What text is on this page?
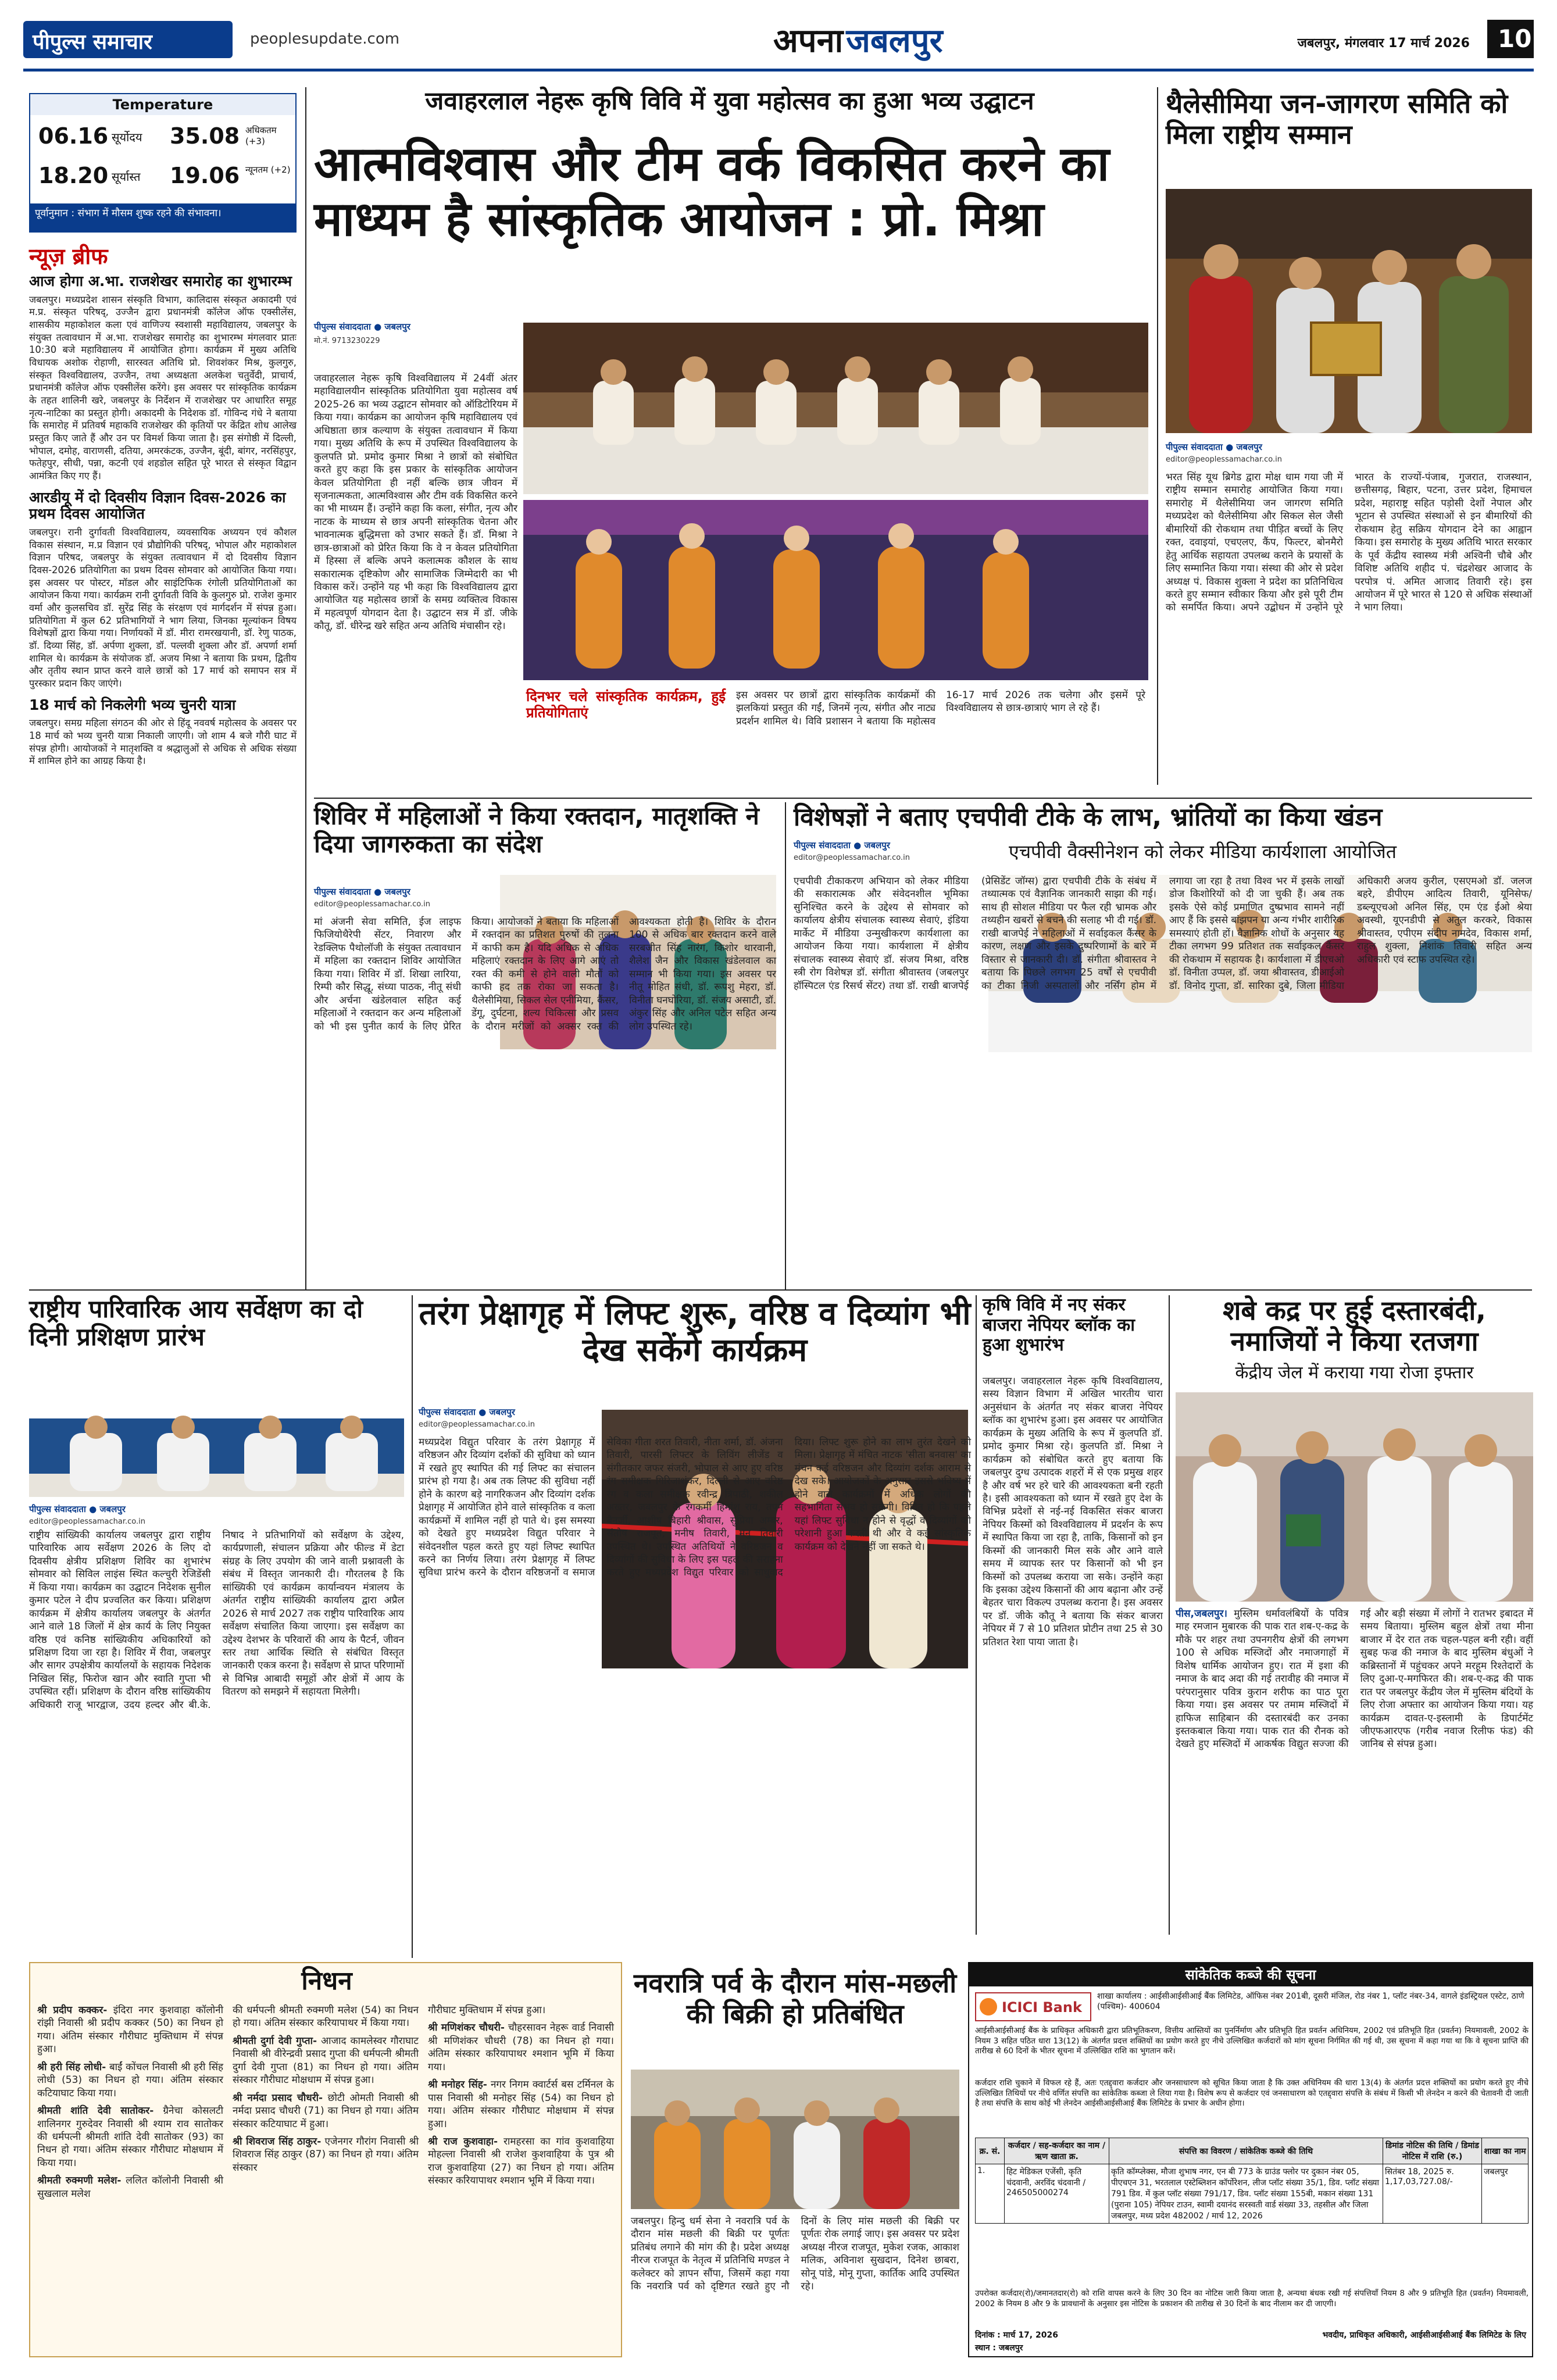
पीपुल्स समाचार	peoplesupdate.com	अपना जबलपुर	जबलपुर, मंगलवार 17 मार्च 2026 10
Temperature
06.16 सूर्योदय
18.20 सूर्यास्त
35.08 अधिकतम (+3)
19.06 न्यूनतम (+2)
पूर्वानुमान : संभाग में मौसम शुष्क रहने की संभावना।
न्यूज़ ब्रीफ
आज होगा अ.भा. राजशेखर समारोह का शुभारम्भ
जबलपुर। मध्यप्रदेश शासन संस्कृति विभाग, कालिदास संस्कृत अकादमी एवं म.प्र. संस्कृत परिषद्, उज्जैन द्वारा प्रधानमंत्री कॉलेज ऑफ एक्सीलेंस, शासकीय महाकोशल कला एवं वाणिज्य स्वशासी महाविद्यालय, जबलपुर के संयुक्त तत्वावधान में अ.भा. राजशेखर समारोह का शुभारम्भ मंगलवार प्रातः 10:30 बजे महाविद्यालय में आयोजित होगा। कार्यक्रम में मुख्य अतिथि विधायक अशोक रोहाणी, सारस्वत अतिथि प्रो. शिवशंकर मिश्र, कुलगुरु, संस्कृत विश्वविद्यालय, उज्जैन, तथा अध्यक्षता अलकेश चतुर्वेदी, प्राचार्य, प्रधानमंत्री कॉलेज ऑफ एक्सीलेंस करेंगे। इस अवसर पर सांस्कृतिक कार्यक्रम के तहत शालिनी खरे, जबलपुर के निर्देशन में राजशेखर पर आधारित समूह नृत्य-नाटिका का प्रस्तुत होगी। अकादमी के निदेशक डॉ. गोविन्द गंधे ने बताया कि समारोह में प्रतिवर्ष महाकवि राजशेखर की कृतियों पर केंद्रित शोध आलेख प्रस्तुत किए जाते हैं और उन पर विमर्श किया जाता है। इस संगोष्ठी में दिल्ली, भोपाल, दमोह, वाराणसी, दतिया, अमरकंटक, उज्जैन, बूंदी, बांगर, नरसिंहपुर, फतेहपुर, सीधी, पन्ना, कटनी एवं शहडोल सहित पूरे भारत से संस्कृत विद्वान आमंत्रित किए गए हैं।
आरडीयू में दो दिवसीय विज्ञान दिवस-2026 का प्रथम दिवस आयोजित
जबलपुर। रानी दुर्गावती विश्वविद्यालय, व्यवसायिक अध्ययन एवं कौशल विकास संस्थान, म.प्र विज्ञान एवं प्रौद्योगिकी परिषद्, भोपाल और महाकोशल विज्ञान परिषद, जबलपुर के संयुक्त तत्वावधान में दो दिवसीय विज्ञान दिवस-2026 प्रतियोगिता का प्रथम दिवस सोमवार को आयोजित किया गया। इस अवसर पर पोस्टर, मॉडल और साइंटिफिक रंगोली प्रतियोगिताओं का आयोजन किया गया। कार्यक्रम रानी दुर्गावती विवि के कुलगुरु प्रो. राजेश कुमार वर्मा और कुलसचिव डॉ. सुरेंद्र सिंह के संरक्षण एवं मार्गदर्शन में संपन्न हुआ। प्रतियोगिता में कुल 62 प्रतिभागियों ने भाग लिया, जिनका मूल्यांकन विषय विशेषज्ञों द्वारा किया गया। निर्णायकों में डॉ. मीरा रामरखयानी, डॉ. रेणु पाठक, डॉ. दिव्या सिंह, डॉ. अर्पणा शुक्ला, डॉ. पल्लवी शुक्ला और डॉ. अपर्णा शर्मा शामिल थे। कार्यक्रम के संयोजक डॉ. अजय मिश्रा ने बताया कि प्रथम, द्वितीय और तृतीय स्थान प्राप्त करने वाले छात्रों को 17 मार्च को समापन सत्र में पुरस्कार प्रदान किए जाएंगे।
18 मार्च को निकलेगी भव्य चुनरी यात्रा
जबलपुर। समग्र महिला संगठन की ओर से हिंदू नववर्ष महोत्सव के अवसर पर 18 मार्च को भव्य चुनरी यात्रा निकाली जाएगी। जो शाम 4 बजे गौरी घाट में संपन्न होगी। आयोजकों ने मातृशक्ति व श्रद्धालुओं से अधिक से अधिक संख्या में शामिल होने का आग्रह किया है।
जवाहरलाल नेहरू कृषि विवि में युवा महोत्सव का हुआ भव्य उद्घाटन
आत्मविश्वास और टीम वर्क विकसित करने का माध्यम है सांस्कृतिक आयोजन : प्रो. मिश्रा
पीपुल्स संवाददाता ● जबलपुर
मो.नं. 9713230229
जवाहरलाल नेहरू कृषि विश्वविद्यालय में 24वीं अंतर महाविद्यालयीन सांस्कृतिक प्रतियोगिता युवा महोत्सव वर्ष 2025-26 का भव्य उद्घाटन सोमवार को ऑडिटोरियम में किया गया। कार्यक्रम का आयोजन कृषि महाविद्यालय एवं अधिष्ठाता छात्र कल्याण के संयुक्त तत्वावधान में किया गया। मुख्य अतिथि के रूप में उपस्थित विश्वविद्यालय के कुलपति प्रो. प्रमोद कुमार मिश्रा ने छात्रों को संबोधित करते हुए कहा कि इस प्रकार के सांस्कृतिक आयोजन केवल प्रतियोगिता ही नहीं बल्कि छात्र जीवन में सृजनात्मकता, आत्मविश्वास और टीम वर्क विकसित करने का भी माध्यम हैं। उन्होंने कहा कि कला, संगीत, नृत्य और नाटक के माध्यम से छात्र अपनी सांस्कृतिक चेतना और भावनात्मक बुद्धिमत्ता को उभार सकते हैं। डॉ. मिश्रा ने छात्र-छात्राओं को प्रेरित किया कि वे न केवल प्रतियोगिता में हिस्सा लें बल्कि अपने कलात्मक कौशल के साथ सकारात्मक दृष्टिकोण और सामाजिक जिम्मेदारी का भी विकास करें। उन्होंने यह भी कहा कि विश्वविद्यालय द्वारा आयोजित यह महोत्सव छात्रों के समग्र व्यक्तित्व विकास में महत्वपूर्ण योगदान देता है। उद्घाटन सत्र में डॉ. जीके कौतू, डॉ. धीरेन्द्र खरे सहित अन्य अतिथि मंचासीन रहे।
दिनभर चले सांस्कृतिक कार्यक्रम, हुई प्रतियोगिताएं
इस अवसर पर छात्रों द्वारा सांस्कृतिक कार्यक्रमों की झलकियां प्रस्तुत की गईं, जिनमें नृत्य, संगीत और नाट्य प्रदर्शन शामिल थे। विवि प्रशासन ने बताया कि महोत्सव 16-17 मार्च 2026 तक चलेगा और इसमें पूरे विश्वविद्यालय से छात्र-छात्राएं भाग ले रहे हैं।
थैलेसीमिया जन-जागरण समिति को मिला राष्ट्रीय सम्मान
पीपुल्स संवाददाता ● जबलपुर
editor@peoplessamachar.co.in
भरत सिंह यूथ ब्रिगेड द्वारा मोक्ष धाम गया जी में राष्ट्रीय सम्मान समारोह आयोजित किया गया। समारोह में थैलेसीमिया जन जागरण समिति मध्यप्रदेश को थैलेसीमिया और सिकल सेल जैसी बीमारियों की रोकथाम तथा पीड़ित बच्चों के लिए रक्त, दवाइयां, एचएलए, कैंप, फिल्टर, बोनमैरो हेतु आर्थिक सहायता उपलब्ध कराने के प्रयासों के लिए सम्मानित किया गया। संस्था की ओर से प्रदेश अध्यक्ष पं. विकास शुक्ला ने प्रदेश का प्रतिनिधित्व करते हुए सम्मान स्वीकार किया और इसे पूरी टीम को समर्पित किया। अपने उद्बोधन में उन्होंने पूरे भारत के राज्यों-पंजाब, गुजरात, राजस्थान, छत्तीसगढ़, बिहार, पटना, उत्तर प्रदेश, हिमाचल प्रदेश, महाराष्ट्र सहित पड़ोसी देशों नेपाल और भूटान से उपस्थित संस्थाओं से इन बीमारियों की रोकथाम हेतु सक्रिय योगदान देने का आह्वान किया। इस समारोह के मुख्य अतिथि भारत सरकार के पूर्व केंद्रीय स्वास्थ्य मंत्री अश्विनी चौबे और विशिष्ट अतिथि शहीद पं. चंद्रशेखर आजाद के परपोत्र पं. अमित आजाद तिवारी रहे। इस आयोजन में पूरे भारत से 120 से अधिक संस्थाओं ने भाग लिया।
शिविर में महिलाओं ने किया रक्तदान, मातृशक्ति ने दिया जागरुकता का संदेश
पीपुल्स संवाददाता ● जबलपुर
editor@peoplessamachar.co.in
मां अंजनी सेवा समिति, ईज लाइफ फिजियोथैरेपी सेंटर, निवारण और रेडक्लिफ पैथोलॉजी के संयुक्त तत्वावधान में महिला का रक्तदान शिविर आयोजित किया गया। शिविर में डॉ. शिखा लारिया, रिम्पी कौर सिद्धू, संध्या पाठक, नीतू संधी और अर्चना खंडेलवाल सहित कई महिलाओं ने रक्तदान कर अन्य महिलाओं को भी इस पुनीत कार्य के लिए प्रेरित किया। आयोजकों ने बताया कि महिलाओं में रक्तदान का प्रतिशत पुरुषों की तुलना में काफी कम है। यदि अधिक से अधिक महिलाएं रक्तदान के लिए आगे आएं तो रक्त की कमी से होने वाली मौतों को काफी हद तक रोका जा सकता है। थैलेसीमिया, सिकल सेल एनीमिया, कैंसर, डेंगू, दुर्घटना, शल्य चिकित्सा और प्रसव के दौरान मरीजों को अक्सर रक्त की आवश्यकता होती है। शिविर के दौरान 100 से अधिक बार रक्तदान करने वाले सरबजीत सिंह नारंग, किशोर थारवानी, शैलेश जैन और विकास खंडेलवाल का सम्मान भी किया गया। इस अवसर पर नीतू मोहित संधी, डॉ. रूपशु मेहरा, डॉ. विनीता घनघोरिया, डॉ. संजय असाटी, डॉ. अंकुर सिंह और अनिल पटेल सहित अन्य लोग उपस्थित रहे।
विशेषज्ञों ने बताए एचपीवी टीके के लाभ, भ्रांतियों का किया खंडन
पीपुल्स संवाददाता ● जबलपुर
editor@peoplessamachar.co.in	एचपीवी वैक्सीनेशन को लेकर मीडिया कार्यशाला आयोजित
एचपीवी टीकाकरण अभियान को लेकर मीडिया की सकारात्मक और संवेदनशील भूमिका सुनिश्चित करने के उद्देश्य से सोमवार को कार्यालय क्षेत्रीय संचालक स्वास्थ्य सेवाएं, इंडिया मार्केट में मीडिया उन्मुखीकरण कार्यशाला का आयोजन किया गया। कार्यशाला में क्षेत्रीय संचालक स्वास्थ्य सेवाएं डॉ. संजय मिश्रा, वरिष्ठ स्त्री रोग विशेषज्ञ डॉ. संगीता श्रीवास्तव (जबलपुर हॉस्पिटल एंड रिसर्च सेंटर) तथा डॉ. राखी बाजपेई (प्रेसिडेंट जॉग्स) द्वारा एचपीवी टीके के संबंध में तथ्यात्मक एवं वैज्ञानिक जानकारी साझा की गई। साथ ही सोशल मीडिया पर फैल रही भ्रामक और तथ्यहीन खबरों से बचने की सलाह भी दी गई। डॉ. राखी बाजपेई ने महिलाओं में सर्वाइकल कैंसर के कारण, लक्षण और इसके दुष्परिणामों के बारे में विस्तार से जानकारी दी। डॉ. संगीता श्रीवास्तव ने बताया कि पिछले लगभग 25 वर्षों से एचपीवी का टीका निजी अस्पतालों और नर्सिंग होम में लगाया जा रहा है तथा विश्व भर में इसके लाखों डोज किशोरियों को दी जा चुकी हैं। अब तक इसके ऐसे कोई प्रमाणित दुष्प्रभाव सामने नहीं आए हैं कि इससे बांझपन या अन्य गंभीर शारीरिक समस्याएं होती हों। वैज्ञानिक शोधों के अनुसार यह टीका लगभग 99 प्रतिशत तक सर्वाइकल कैंसर की रोकथाम में सहायक है। कार्यशाला में डीएचओ डॉ. विनीता उप्पल, डॉ. जया श्रीवास्तव, डीआईओ डॉ. विनोद गुप्ता, डॉ. सारिका दुबे, जिला मीडिया अधिकारी अजय कुरील, एसएमओ डॉ. जलज बहरे, डीपीएम आदित्य तिवारी, यूनिसेफ/डब्ल्यूएचओ अनिल सिंह, एम एंड ईओ श्रेया अवस्थी, यूएनडीपी से अतुल करकरे, विकास श्रीवास्तव, एपीएम संदीप नामदेव, विकास शर्मा, राहुल शुक्ला, निशांक तिवारी सहित अन्य अधिकारी एवं स्टाफ उपस्थित रहे।
राष्ट्रीय पारिवारिक आय सर्वेक्षण का दो दिनी प्रशिक्षण प्रारंभ
पीपुल्स संवाददाता ● जबलपुर
editor@peoplessamachar.co.in
राष्ट्रीय सांख्यिकी कार्यालय जबलपुर द्वारा राष्ट्रीय पारिवारिक आय सर्वेक्षण 2026 के लिए दो दिवसीय क्षेत्रीय प्रशिक्षण शिविर का शुभारंभ सोमवार को सिविल लाइंस स्थित कल्चुरी रेजिडेंसी में किया गया। कार्यक्रम का उद्घाटन निदेशक सुनील कुमार पटेल ने दीप प्रज्वलित कर किया। प्रशिक्षण कार्यक्रम में क्षेत्रीय कार्यालय जबलपुर के अंतर्गत आने वाले 18 जिलों में क्षेत्र कार्य के लिए नियुक्त वरिष्ठ एवं कनिष्ठ सांख्यिकीय अधिकारियों को प्रशिक्षण दिया जा रहा है। शिविर में रीवा, जबलपुर और सागर उपक्षेत्रीय कार्यालयों के सहायक निदेशक निखिल सिंह, फिरोज खान और स्वाति गुप्ता भी उपस्थित रहीं। प्रशिक्षण के दौरान वरिष्ठ सांख्यिकीय अधिकारी राजू भारद्वाज, उदय हल्दर और बी.के. निषाद ने प्रतिभागियों को सर्वेक्षण के उद्देश्य, कार्यप्रणाली, संचालन प्रक्रिया और फील्ड में डेटा संग्रह के लिए उपयोग की जाने वाली प्रश्नावली के संबंध में विस्तृत जानकारी दी। गौरतलब है कि सांख्यिकी एवं कार्यक्रम कार्यान्वयन मंत्रालय के अंतर्गत राष्ट्रीय सांख्यिकी कार्यालय द्वारा अप्रैल 2026 से मार्च 2027 तक राष्ट्रीय पारिवारिक आय सर्वेक्षण संचालित किया जाएगा। इस सर्वेक्षण का उद्देश्य देशभर के परिवारों की आय के पैटर्न, जीवन स्तर तथा आर्थिक स्थिति से संबंधित विस्तृत जानकारी एकत्र करना है। सर्वेक्षण से प्राप्त परिणामों से विभिन्न आबादी समूहों और क्षेत्रों में आय के वितरण को समझने में सहायता मिलेगी।
तरंग प्रेक्षागृह में लिफ्ट शुरू, वरिष्ठ व दिव्यांग भी देख सकेंगे कार्यक्रम
पीपुल्स संवाददाता ● जबलपुर
editor@peoplessamachar.co.in
मध्यप्रदेश विद्युत परिवार के तरंग प्रेक्षागृह में वरिष्ठजन और दिव्यांग दर्शकों की सुविधा को ध्यान में रखते हुए स्थापित की गई लिफ्ट का संचालन प्रारंभ हो गया है। अब तक लिफ्ट की सुविधा नहीं होने के कारण बड़े नागरिकजन और दिव्यांग दर्शक प्रेक्षागृह में आयोजित होने वाले सांस्कृतिक व कला कार्यक्रमों में शामिल नहीं हो पाते थे। इस समस्या को देखते हुए मध्यप्रदेश विद्युत परिवार ने संवेदनशील पहल करते हुए यहां लिफ्ट स्थापित करने का निर्णय लिया। तरंग प्रेक्षागृह में लिफ्ट सुविधा प्रारंभ करने के दौरान वरिष्ठजनों व समाज सेविका गीता शरत तिवारी, नीता शर्मा, डॉ. अंजना तिवारी, पारसी लिफ्टर के लिविंग लीजेंड व संगीतकार जफर संजरी, भोपाल से आए हुए वरिष्ठ रंग समीक्षक गिरिजाशंकर, दिल्ली से आए वरिष्ठ रंग व कला समीक्षक रवीन्द्र त्रिपाठी, शकील अख्तर, जबलपुर के रंगकर्मी हिमांशु राय, तपन बैनर्जी, आशीष बिहारी श्रीवास, सुप्रिया अम्बर, संतोष राजपूत, मनीष तिवारी, मनु तिवारी उपस्थित थे। उपस्थित अतिथियों ने वरिष्ठजन व दिव्यांगों की सुविधा के लिए इस पहल की सराहना करते हुए मध्यप्रदेश विद्युत परिवार को साधुवाद दिया। लिफ्ट शुरू होने का लाभ तुरंत देखने को मिला। प्रेक्षागृह में मंचित नाटक 'सीता बनवास' का मंचन कई वरिष्ठजन और दिव्यांग दर्शक आराम से देख सके। आयोजकों के अनुसार इससे भविष्य में होने वाले कार्यक्रमों में अधिक लोगों की सहभागिता संभव हो सकेगी। विदित हो कि पहले यहां लिफ्ट सुविधा न होने से वृद्धों व दिव्यांगों को परेशानी हुआ करती थी और वे कई सांस्कृतिक कार्यक्रम को देखने नहीं जा सकते थे।
कृषि विवि में नए संकर बाजरा नेपियर ब्लॉक का हुआ शुभारंभ
जबलपुर। जवाहरलाल नेहरू कृषि विश्वविद्यालय, सस्य विज्ञान विभाग में अखिल भारतीय चारा अनुसंधान के अंतर्गत नए संकर बाजरा नेपियर ब्लॉक का शुभारंभ हुआ। इस अवसर पर आयोजित कार्यक्रम के मुख्य अतिथि के रूप में कुलपति डॉ. प्रमोद कुमार मिश्रा रहे। कुलपति डॉ. मिश्रा ने कार्यक्रम को संबोधित करते हुए बताया कि जबलपुर दुग्ध उत्पादक शहरों में से एक प्रमुख शहर है और वर्ष भर हरे चारे की आवश्यकता बनी रहती है। इसी आवश्यकता को ध्यान में रखते हुए देश के विभिन्न प्रदेशों से नई-नई विकसित संकर बाजरा नेपियर किस्मों को विश्वविद्यालय में प्रदर्शन के रूप में स्थापित किया जा रहा है, ताकि, किसानों को इन किस्मों की जानकारी मिल सके और आने वाले समय में व्यापक स्तर पर किसानों को भी इन किस्मों को उपलब्ध कराया जा सके। उन्होंने कहा कि इसका उद्देश्य किसानों की आय बढ़ाना और उन्हें बेहतर चारा विकल्प उपलब्ध कराना है। इस अवसर पर डॉ. जीके कौतू ने बताया कि संकर बाजरा नेपियर में 7 से 10 प्रतिशत प्रोटीन तथा 25 से 30 प्रतिशत रेशा पाया जाता है।
शबे कद्र पर हुई दस्तारबंदी, नमाजियों ने किया रतजगा
केंद्रीय जेल में कराया गया रोजा इफ्तार
पीस,जबलपुर। मुस्लिम धर्मावलंबियों के पवित्र माह रमजान मुबारक की पाक रात शब-ए-कद्र के मौके पर शहर तथा उपनगरीय क्षेत्रों की लगभग 100 से अधिक मस्जिदों और नमाजगाहों में विशेष धार्मिक आयोजन हुए। रात में इशा की नमाज के बाद अदा की गई तरावीह की नमाज में परंपरानुसार पवित्र कुरान शरीफ का पाठ पूरा किया गया। इस अवसर पर तमाम मस्जिदों में हाफिज साहिबान की दस्तारबंदी कर उनका इस्तकबाल किया गया। पाक रात की रौनक को देखते हुए मस्जिदों में आकर्षक विद्युत सज्जा की गई और बड़ी संख्या में लोगों ने रातभर इबादत में समय बिताया। मुस्लिम बहुल क्षेत्रों तथा मीना बाजार में देर रात तक चहल-पहल बनी रही। वहीं सुबह फज्र की नमाज के बाद मुस्लिम बंधुओं ने कब्रिस्तानों में पहुंचकर अपने मरहूम रिश्तेदारों के लिए दुआ-ए-मगफिरत की। शब-ए-कद्र की पाक रात पर जबलपुर केंद्रीय जेल में मुस्लिम बंदियों के लिए रोजा अफ्तार का आयोजन किया गया। यह कार्यक्रम दावत-ए-इस्लामी के डिपार्टमेंट जीएफआरएफ (गरीब नवाज रिलीफ फंड) की जानिब से संपन्न हुआ।
निधन

श्री प्रदीप कक्कर- इंदिरा नगर कुशवाहा कॉलोनी रांझी निवासी श्री प्रदीप कक्कर (50) का निधन हो गया। अंतिम संस्कार गौरीघाट मुक्तिधाम में संपन्न हुआ।

श्री हरी सिंह लोधी- बाईं कोंचल निवासी श्री हरी सिंह लोधी (53) का निधन हो गया। अंतिम संस्कार कटियाघाट किया गया।

श्रीमती शांति देवी सातोकर- ग्रैनेचा कोसलटी शालिनगर गुरुदेवर निवासी श्री श्याम राव सातोकर की धर्मपत्नी श्रीमती शांति देवी सातोकर (93) का निधन हो गया। अंतिम संस्कार गौरीघाट मोक्षधाम में किया गया।

श्रीमती रुक्मणी मलेश- ललित कॉलोनी निवासी श्री सुखलाल मलेश

की धर्मपत्नी श्रीमती रुक्मणी मलेश (54) का निधन हो गया। अंतिम संस्कार करियापाथर में किया गया।

श्रीमती दुर्गा देवी गुप्ता- आजाद कामलेस्वर गौराघाट निवासी श्री वीरेन्द्रवी प्रसाद गुप्ता की धर्मपत्नी श्रीमती दुर्गा देवी गुप्ता (81) का निधन हो गया। अंतिम संस्कार गौरीघाट मोक्षधाम में संपन्न हुआ।

श्री नर्मदा प्रसाद चौधरी- छोटी ओमती निवासी श्री नर्मदा प्रसाद चौधरी (71) का निधन हो गया। अंतिम संस्कार कटियाघाट में हुआ।

श्री शिवराज सिंह ठाकुर- एजेनगर गौरांग निवासी श्री शिवराज सिंह ठाकुर (87) का निधन हो गया। अंतिम संस्कार

गौरीघाट मुक्तिधाम में संपन्न हुआ।

श्री मणिशंकर चौधरी- चौहरसावन नेहरू वार्ड निवासी श्री मणिशंकर चौधरी (78) का निधन हो गया। अंतिम संस्कार करियापाथर श्मशान भूमि में किया गया।

श्री मनोहर सिंह- नगर निगम क्वार्टर्स बस टर्मिनल के पास निवासी श्री मनोहर सिंह (54) का निधन हो गया। अंतिम संस्कार गौरीघाट मोक्षधाम में संपन्न हुआ।

श्री राज कुशवाहा- रामहरसा का गांव कुशवाहिया मोहल्ला निवासी श्री राजेश कुशवाहिया के पुत्र श्री राज कुशवाहिया (27) का निधन हो गया। अंतिम संस्कार करियापाथर श्मशान भूमि में किया गया।

नवरात्रि पर्व के दौरान मांस-मछली की बिक्री हो प्रतिबंधित
जबलपुर। हिन्दु धर्म सेना ने नवरात्रि पर्व के दौरान मांस मछली की बिक्री पर पूर्णतः प्रतिबंध लगाने की मांग की है। प्रदेश अध्यक्ष नीरज राजपूत के नेतृत्व में प्रतिनिधि मण्डल ने कलेक्टर को ज्ञापन सौंपा, जिसमें कहा गया कि नवरात्रि पर्व को दृष्टिगत रखते हुए नौ दिनों के लिए मांस मछली की बिक्री पर पूर्णतः रोक लगाई जाए। इस अवसर पर प्रदेश अध्यक्ष नीरज राजपूत, मुकेश रजक, आकाश मलिक, अविनाश सुखदान, दिनेश छाबरा, सोनू पांडे, मोनू गुप्ता, कार्तिक आदि उपस्थित रहे।
सांकेतिक कब्जे की सूचना
ICICI Bank
शाखा कार्यालय : आईसीआईसीआई बैंक लिमिटेड, ऑफिस नंबर 201बी, दूसरी मंजिल, रोड नंबर 1, प्लॉट नंबर-34, वागले इंडस्ट्रियल एस्टेट, ठाणे (पश्चिम)- 400604
आईसीआईसीआई बैंक के प्राधिकृत अधिकारी द्वारा प्रतिभूतिकरण, वित्तीय आस्तियों का पुनर्निर्माण और प्रतिभूति हित प्रवर्तन अधिनियम, 2002 एवं प्रतिभूति हित (प्रवर्तन) नियमावली, 2002 के नियम 3 सहित पठित धारा 13(12) के अंतर्गत प्रदत्त शक्तियों का प्रयोग करते हुए नीचे उल्लिखित कर्जदारों को मांग सूचना निर्गमित की गई थी, उस सूचना में कहा गया था कि वे सूचना प्राप्ति की तारीख से 60 दिनों के भीतर सूचना में उल्लिखित राशि का भुगतान करें।
कर्जदार राशि चुकाने में विफल रहे हैं, अतः एतद्द्वारा कर्जदार और जनसाधारण को सूचित किया जाता है कि उक्त अधिनियम की धारा 13(4) के अंतर्गत प्रदत्त शक्तियों का प्रयोग करते हुए नीचे उल्लिखित तिथियों पर नीचे वर्णित संपत्ति का सांकेतिक कब्जा ले लिया गया है। विशेष रूप से कर्जदार एवं जनसाधारण को एतद्द्वारा संपत्ति के संबंध में किसी भी लेनदेन न करने की चेतावनी दी जाती है तथा संपत्ति के साथ कोई भी लेनदेन आईसीआईसीआई बैंक लिमिटेड के प्रभार के अधीन होगा।
क्र. सं.	कर्जदार / सह-कर्जदार का नाम / ऋण खाता क्र.	संपत्ति का विवरण / सांकेतिक कब्जे की तिथि	डिमांड नोटिस की तिथि / डिमांड नोटिस में राशि (रु.)	शाखा का नाम
1.	हिट मेडिकल एजेंसी, कृति चंदवानी, अरविंद चंदवानी / 246505000274	कृति कॉम्प्लेक्स, मौजा शुभाष नगर, एन बी 773 के ग्राउंड फ्लोर पर दुकान नंबर 05, पीएचएन 31, भरतलाल एस्टेब्लिशन कॉर्पोरेशन, लीज प्लॉट संख्या 35/1, डिव. प्लॉट संख्या 791 डिव. में कुल प्लॉट संख्या 791/17, डिव. प्लॉट संख्या 155बी, मकान संख्या 131 (पुराना 105) नेपियर टाउन, स्वामी दयानंद सरस्वती वार्ड संख्या 33, तहसील और जिला जबलपुर, मध्य प्रदेश 482002 / मार्च 12, 2026	सितंबर 18, 2025 रु. 1,17,03,727.08/-	जबलपुर
उपरोक्त कर्जदार(रो)/जमानतदार(रो) को राशि वापस करने के लिए 30 दिन का नोटिस जारी किया जाता है, अन्यथा बंधक रखी गई संपत्तियाँ नियम 8 और 9 प्रतिभूति हित (प्रवर्तन) नियमावली, 2002 के नियम 8 और 9 के प्रावधानों के अनुसार इस नोटिस के प्रकाशन की तारीख से 30 दिनों के बाद नीलाम कर दी जाएगी।
दिनांक : मार्च 17, 2026
स्थान : जबलपुर
भवदीय, प्राधिकृत अधिकारी, आईसीआईसीआई बैंक लिमिटेड के लिए
